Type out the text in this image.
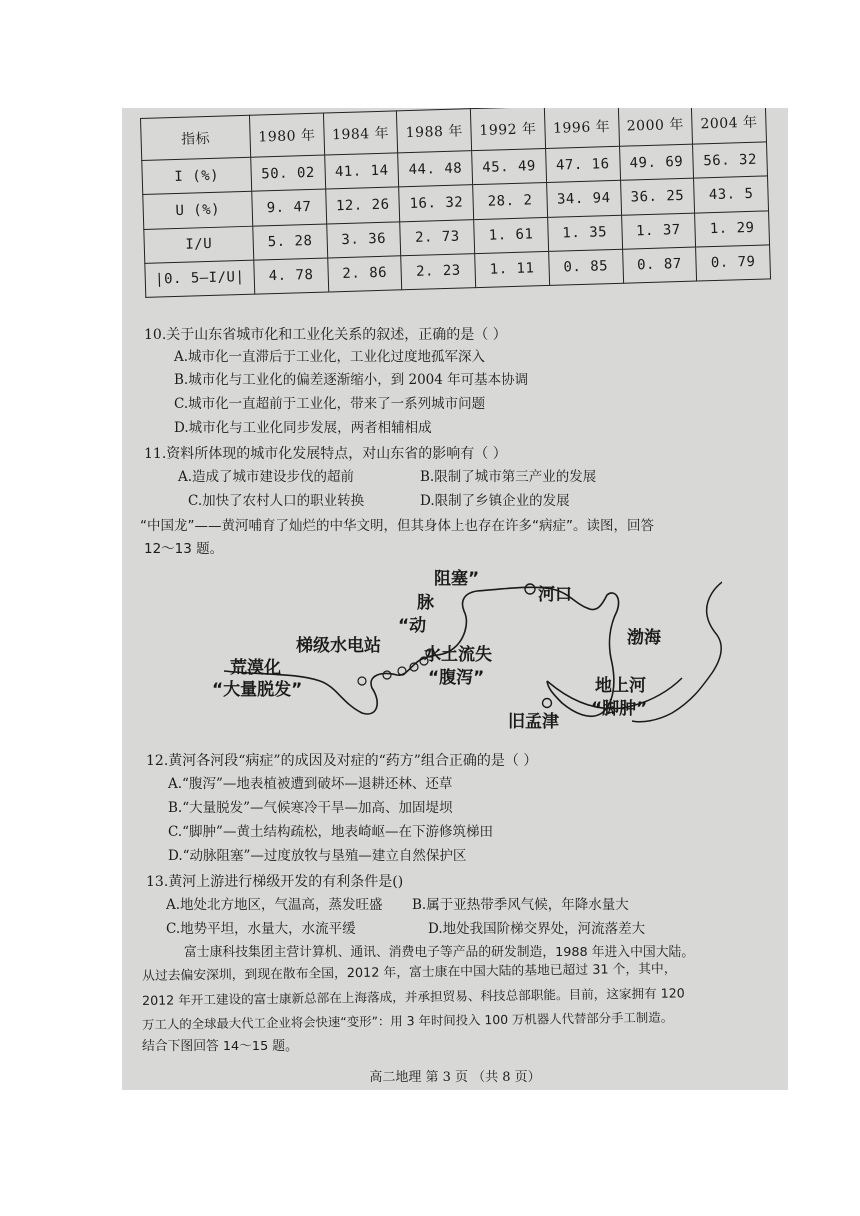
指标	1980 年	1984 年	1988 年	1992 年	1996 年	2000 年	2004 年
I (%)	50. 02	41. 14	44. 48	45. 49	47. 16	49. 69	56. 32
U (%)	9. 47	12. 26	16. 32	28. 2	34. 94	36. 25	43. 5
I/U	5. 28	3. 36	2. 73	1. 61	1. 35	1. 37	1. 29
|0. 5—I/U|	4. 78	2. 86	2. 23	1. 11	0. 85	0. 87	0. 79
10.关于山东省城市化和工业化关系的叙述，正确的是（ ）
A.城市化一直滞后于工业化，工业化过度地孤军深入
B.城市化与工业化的偏差逐渐缩小，到 2004 年可基本协调
C.城市化一直超前于工业化，带来了一系列城市问题
D.城市化与工业化同步发展，两者相辅相成
11.资料所体现的城市化发展特点，对山东省的影响有（ ）
A.造成了城市建设步伐的超前	B.限制了城市第三产业的发展
C.加快了农村人口的职业转换	D.限制了乡镇企业的发展
“中国龙”——黄河哺育了灿烂的中华文明，但其身体上也存在许多“病症”。读图，回答
12～13 题。
阻塞”
脉
“动
河口
渤海
梯级水电站	水土流失
“腹泻”
荒漠化
“大量脱发”	地上河
“脚肿”
旧孟津
12.黄河各河段“病症”的成因及对症的“药方”组合正确的是（ ）
A.“腹泻”—地表植被遭到破坏—退耕还林、还草
B.“大量脱发”—气候寒冷干旱—加高、加固堤坝
C.“脚肿”—黄土结构疏松，地表崎岖—在下游修筑梯田
D.“动脉阻塞”—过度放牧与垦殖—建立自然保护区
13.黄河上游进行梯级开发的有利条件是()
A.地处北方地区，气温高，蒸发旺盛 B.属于亚热带季风气候，年降水量大
C.地势平坦，水量大，水流平缓	D.地处我国阶梯交界处，河流落差大
富士康科技集团主营计算机、通讯、消费电子等产品的研发制造，1988 年进入中国大陆。
从过去偏安深圳，到现在散布全国，2012 年，富士康在中国大陆的基地已超过 31 个，其中，
2012 年开工建设的富士康新总部在上海落成，并承担贸易、科技总部职能。目前，这家拥有 120
万工人的全球最大代工企业将会快速“变形”：用 3 年时间投入 100 万机器人代替部分手工制造。
结合下图回答 14～15 题。
高二地理 第 3 页 （共 8 页）
